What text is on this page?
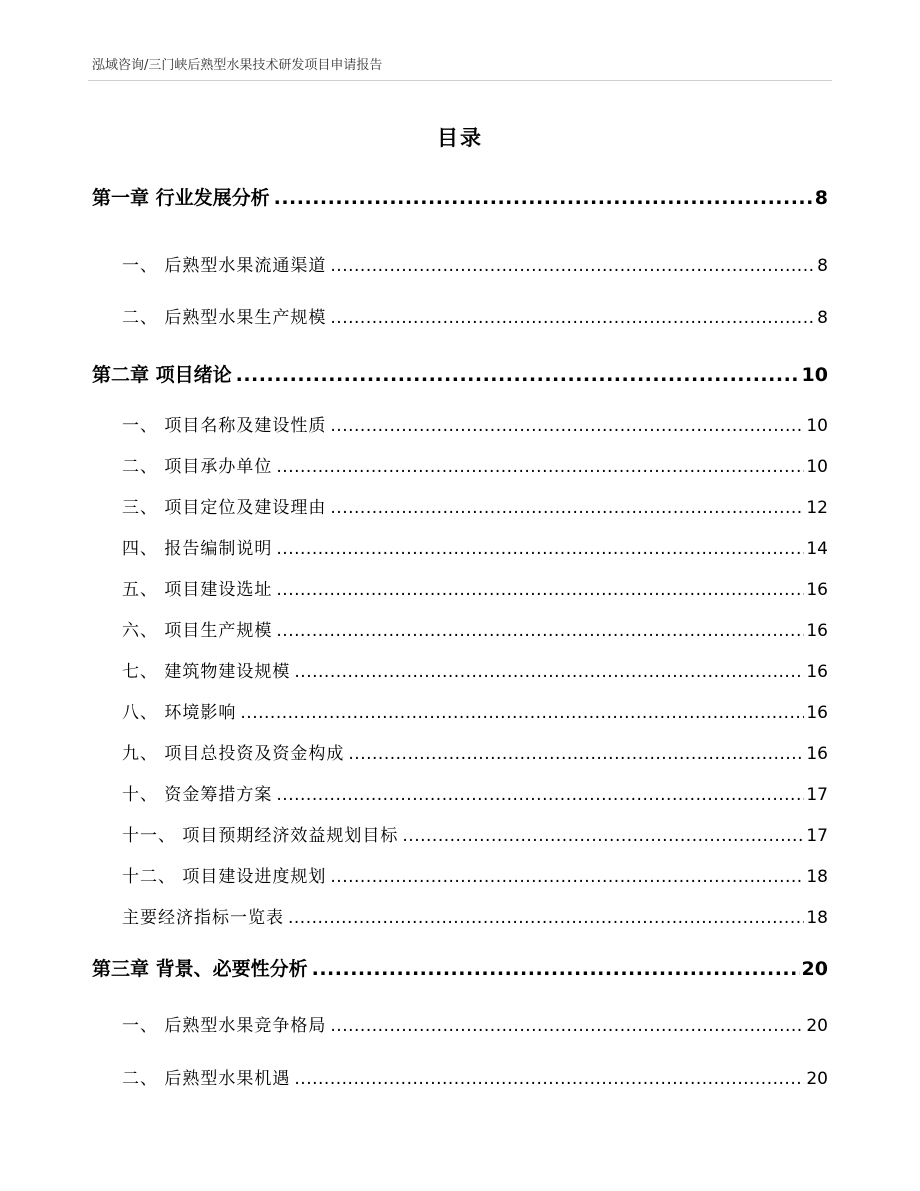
泓域咨询/三门峡后熟型水果技术研发项目申请报告
目录
第一章 行业发展分析 .....	8
一、 后熟型水果流通渠道 .....	8
二、 后熟型水果生产规模 .....	8
第二章 项目绪论 .....	10
一、 项目名称及建设性质 .....	10
二、 项目承办单位 .....	10
三、 项目定位及建设理由 .....	12
四、 报告编制说明 .....	14
五、 项目建设选址 .....	16
六、 项目生产规模 .....	16
七、 建筑物建设规模 .....	16
八、 环境影响 .....	16
九、 项目总投资及资金构成 .....	16
十、 资金筹措方案 .....	17
十一、 项目预期经济效益规划目标 .....	17
十二、 项目建设进度规划 .....	18
主要经济指标一览表 .....	18
第三章 背景、必要性分析 .....	20
一、 后熟型水果竞争格局 .....	20
二、 后熟型水果机遇 .....	20
